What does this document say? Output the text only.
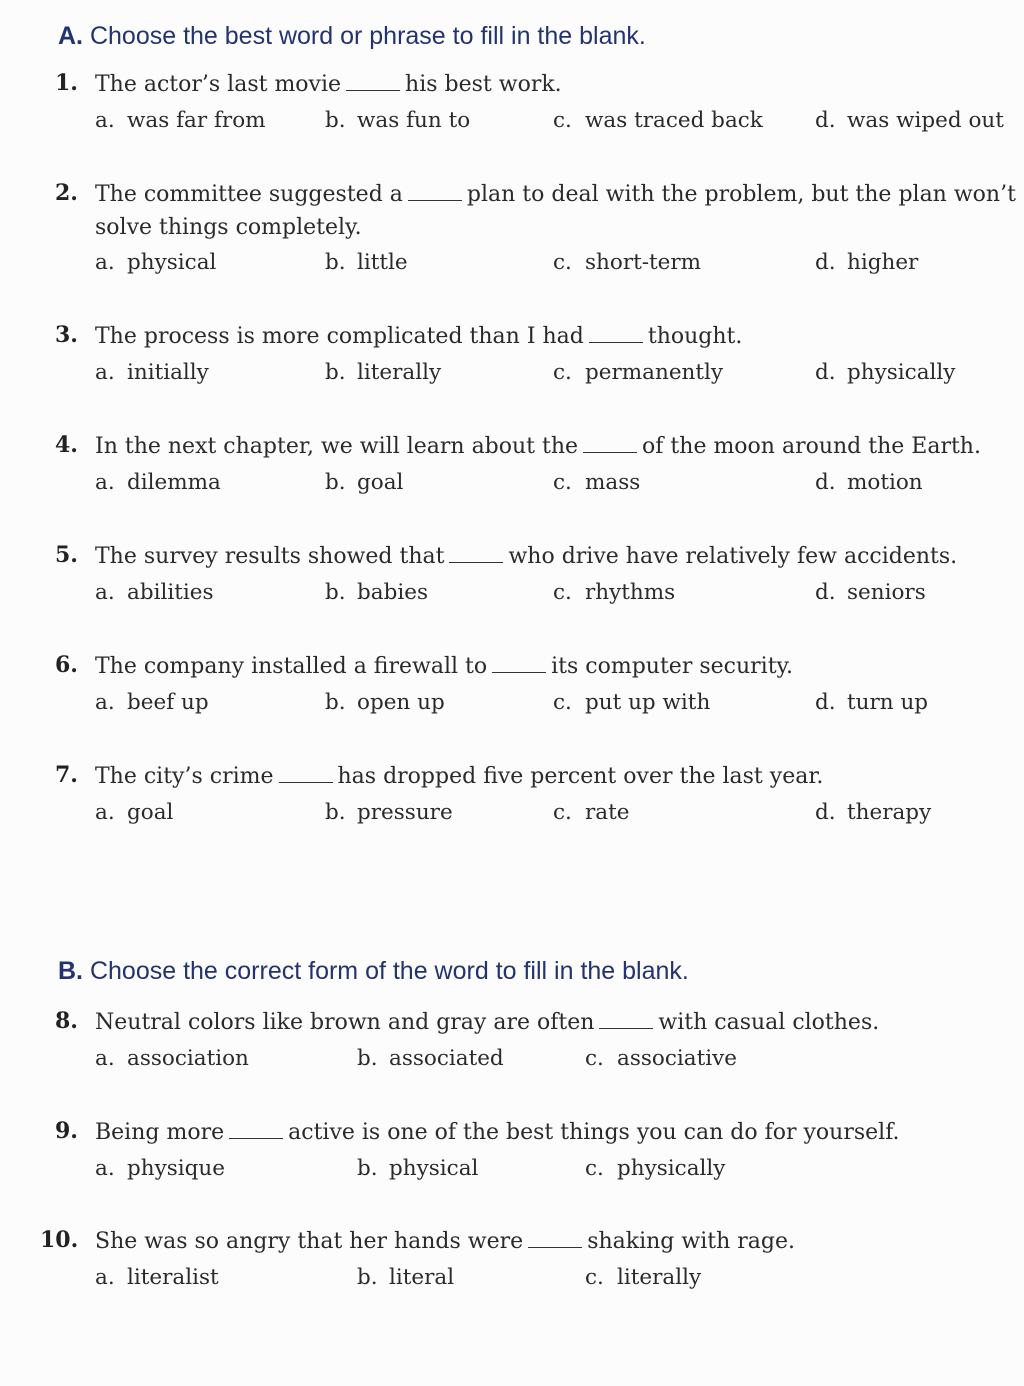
A. Choose the best word or phrase to fill in the blank.
B. Choose the correct form of the word to fill in the blank.
1. The actor’s last movie	his best work.
a. was far from	b. was fun to	c. was traced back d. was wiped out
2. The committee suggested a	plan to deal with the problem, but the plan won’t
solve things completely.
a. physical	b. little	c. short-term	d. higher
3. The process is more complicated than I had	thought.
a. initially	b. literally	c. permanently	d. physically
4. In the next chapter, we will learn about the	of the moon around the Earth.
a. dilemma	b. goal	c. mass	d. motion
5. The survey results showed that	who drive have relatively few accidents.
a. abilities	b. babies	c. rhythms	d. seniors
6. The company installed a firewall to	its computer security.
a. beef up	b. open up	c. put up with	d. turn up
7. The city’s crime	has dropped five percent over the last year.
a. goal	b. pressure	c. rate	d. therapy
8. Neutral colors like brown and gray are often	with casual clothes.
a. association	b. associated	c. associative
9. Being more	active is one of the best things you can do for yourself.
a. physique	b. physical	c. physically
10. She was so angry that her hands were	shaking with rage.
a. literalist	b. literal	c. literally
